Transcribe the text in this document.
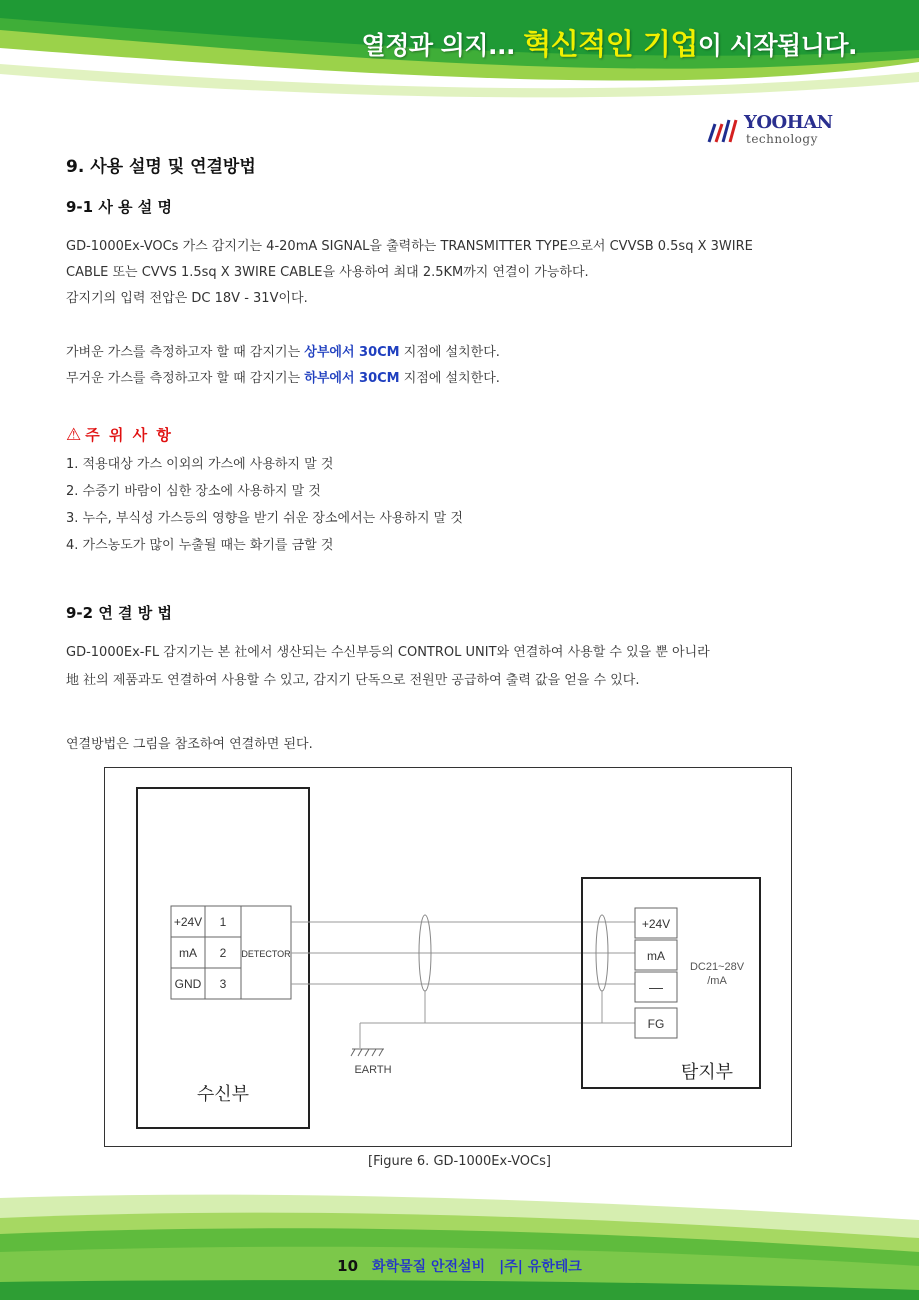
열정과 의지... 혁신적인 기업이 시작됩니다.
YOOHAN
technology
9. 사용 설명 및 연결방법
9-1 사 용 설 명
GD-1000Ex-VOCs 가스 감지기는 4-20mA SIGNAL을 출력하는 TRANSMITTER TYPE으로서 CVVSB 0.5sq X 3WIRE
CABLE 또는 CVVS 1.5sq X 3WIRE CABLE을 사용하여 최대 2.5KM까지 연결이 가능하다.
감지기의 입력 전압은 DC 18V - 31V이다.
가벼운 가스를 측정하고자 할 때 감지기는 상부에서 30CM 지점에 설치한다.
무거운 가스를 측정하고자 할 때 감지기는 하부에서 30CM 지점에 설치한다.
⚠ 주 위 사 항
1. 적용대상 가스 이외의 가스에 사용하지 말 것
2. 수증기 바람이 심한 장소에 사용하지 말 것
3. 누수, 부식성 가스등의 영향을 받기 쉬운 장소에서는 사용하지 말 것
4. 가스농도가 많이 누출될 때는 화기를 금할 것
9-2 연 결 방 법
GD-1000Ex-FL 감지기는 본 社에서 생산되는 수신부등의 CONTROL UNIT와 연결하여 사용할 수 있을 뿐 아니라
地 社의 제품과도 연결하여 사용할 수 있고, 감지기 단독으로 전원만 공급하여 출력 값을 얻을 수 있다.
연결방법은 그림을 참조하여 연결하면 된다.
+24V 1
mA 2
GND 3
DETECTOR
수신부
EARTH
+24V
mA
—
FG
DC21~28V
/mA
탐지부
[Figure 6. GD-1000Ex-VOCs]
10 화학물질 안전설비 |주| 유한테크
